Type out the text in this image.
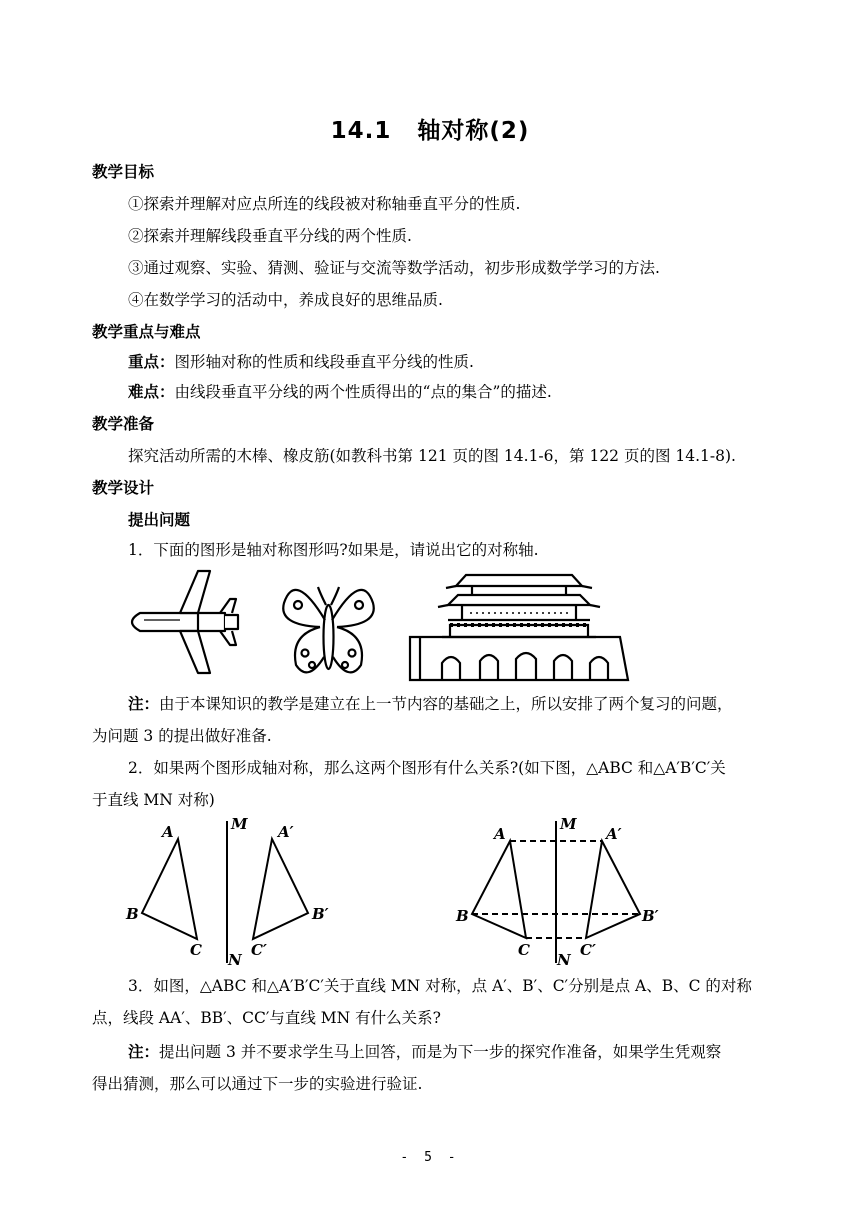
14.1 轴对称(2)
教学目标
①探索并理解对应点所连的线段被对称轴垂直平分的性质.
②探索并理解线段垂直平分线的两个性质.
③通过观察、实验、猜测、验证与交流等数学活动，初步形成数学学习的方法.
④在数学学习的活动中，养成良好的思维品质.
教学重点与难点
重点：图形轴对称的性质和线段垂直平分线的性质.
难点：由线段垂直平分线的两个性质得出的“点的集合”的描述.
教学准备
探究活动所需的木棒、橡皮筋(如教科书第 121 页的图 14.1-6，第 122 页的图 14.1-8).
教学设计
提出问题
1．下面的图形是轴对称图形吗?如果是，请说出它的对称轴.
注：由于本课知识的教学是建立在上一节内容的基础之上，所以安排了两个复习的问题，
为问题 3 的提出做好准备.
2．如果两个图形成轴对称，那么这两个图形有什么关系?(如下图，△ABC 和△A′B′C′关
于直线 MN 对称)
A
B
C
M
N
A′
B′
C′
A
B
C
M
N
A′
B′
C′
3．如图，△ABC 和△A′B′C′关于直线 MN 对称，点 A′、B′、C′分别是点 A、B、C 的对称
点，线段 AA′、BB′、CC′与直线 MN 有什么关系?
注：提出问题 3 并不要求学生马上回答，而是为下一步的探究作准备，如果学生凭观察
得出猜测，那么可以通过下一步的实验进行验证.
- 5 -
